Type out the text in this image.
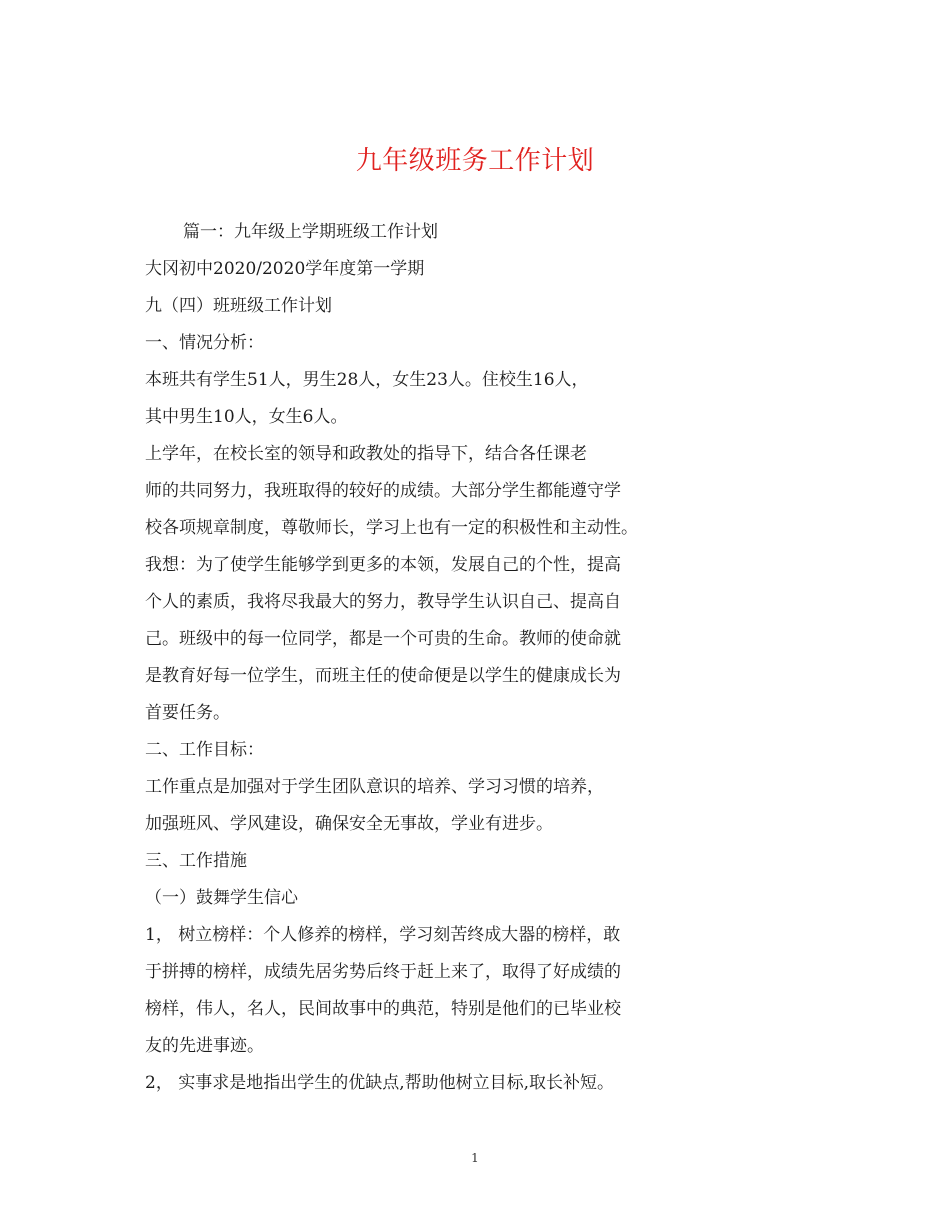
九年级班务工作计划
篇一：九年级上学期班级工作计划
大冈初中2020/2020学年度第一学期
九（四）班班级工作计划
一、情况分析：
本班共有学生51人，男生28人，女生23人。住校生16人，
其中男生10人，女生6人。
上学年，在校长室的领导和政教处的指导下，结合各任课老
师的共同努力，我班取得的较好的成绩。大部分学生都能遵守学
校各项规章制度，尊敬师长，学习上也有一定的积极性和主动性。
我想：为了使学生能够学到更多的本领，发展自己的个性，提高
个人的素质，我将尽我最大的努力，教导学生认识自己、提高自
己。班级中的每一位同学，都是一个可贵的生命。教师的使命就
是教育好每一位学生，而班主任的使命便是以学生的健康成长为
首要任务。
二、工作目标：
工作重点是加强对于学生团队意识的培养、学习习惯的培养，
加强班风、学风建设，确保安全无事故，学业有进步。
三、工作措施
（一）鼓舞学生信心
1， 树立榜样：个人修养的榜样，学习刻苦终成大器的榜样，敢
于拼搏的榜样，成绩先居劣势后终于赶上来了，取得了好成绩的
榜样，伟人，名人，民间故事中的典范，特别是他们的已毕业校
友的先进事迹。
2， 实事求是地指出学生的优缺点,帮助他树立目标,取长补短。
1
